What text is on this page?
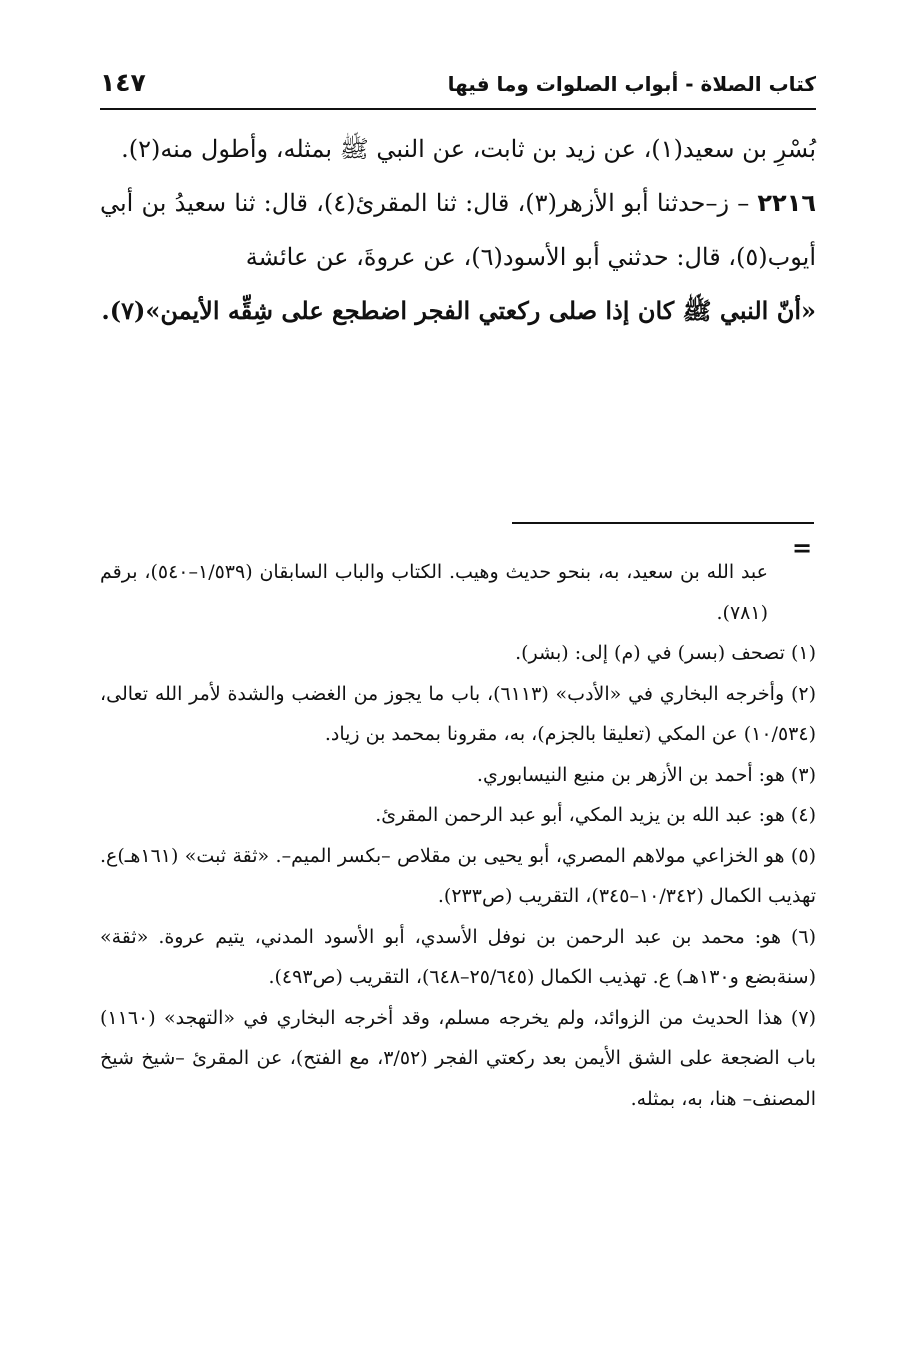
كتاب الصلاة - أبواب الصلوات وما فيها
١٤٧

بُسْرِ بن سعيد(١)، عن زيد بن ثابت، عن النبي ﷺ بمثله، وأطول منه(٢).

٢٢١٦ – ز–حدثنا أبو الأزهر(٣)، قال: ثنا المقرئ(٤)، قال: ثنا سعيدُ بن أبي أيوب(٥)، قال: حدثني أبو الأسود(٦)، عن عروةَ، عن عائشة

«أنّ النبي ﷺ كان إذا صلى ركعتي الفجر اضطجع على شِقِّه الأيمن»(٧).

=

عبد الله بن سعيد، به، بنحو حديث وهيب. الكتاب والباب السابقان (١/٥٣٩–٥٤٠)، برقم (٧٨١).

(١) تصحف (بسر) في (م) إلى: (بشر).

(٢) وأخرجه البخاري في «الأدب» (٦١١٣)، باب ما يجوز من الغضب والشدة لأمر الله تعالى، (١٠/٥٣٤) عن المكي (تعليقا بالجزم)، به، مقرونا بمحمد بن زياد.

(٣) هو: أحمد بن الأزهر بن منيع النيسابوري.

(٤) هو: عبد الله بن يزيد المكي، أبو عبد الرحمن المقرئ.

(٥) هو الخزاعي مولاهم المصري، أبو يحيى بن مقلاص –بكسر الميم–. «ثقة ثبت» (١٦١هـ)ع. تهذيب الكمال (١٠/٣٤٢–٣٤٥)، التقريب (ص٢٣٣).

(٦) هو: محمد بن عبد الرحمن بن نوفل الأسدي، أبو الأسود المدني، يتيم عروة. «ثقة» (سنةبضع و١٣٠هـ) ع. تهذيب الكمال (٢٥/٦٤٥–٦٤٨)، التقريب (ص٤٩٣).

(٧) هذا الحديث من الزوائد، ولم يخرجه مسلم، وقد أخرجه البخاري في «التهجد» (١١٦٠) باب الضجعة على الشق الأيمن بعد ركعتي الفجر (٣/٥٢، مع الفتح)، عن المقرئ –شيخ شيخ المصنف– هنا، به، بمثله.
